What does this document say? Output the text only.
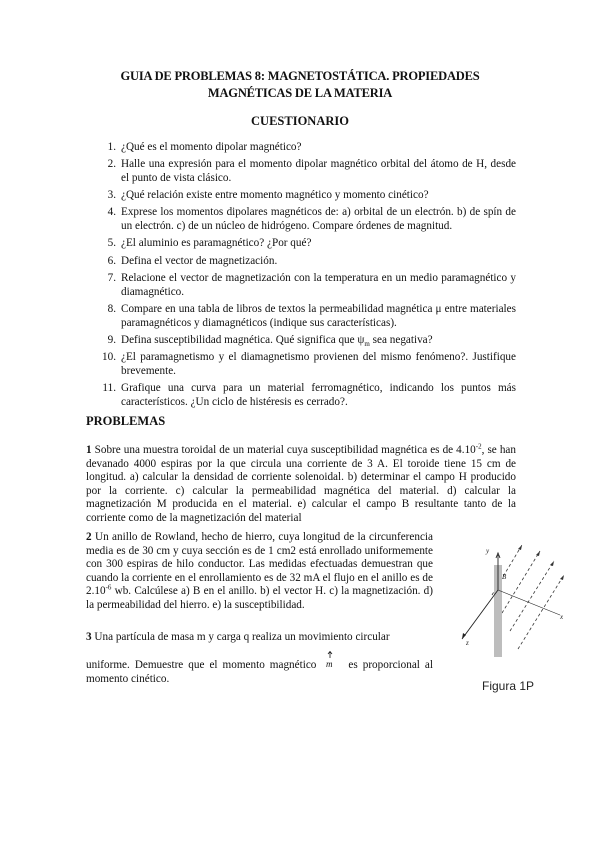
GUIA DE PROBLEMAS 8: MAGNETOSTÁTICA. PROPIEDADES
MAGNÉTICAS DE LA MATERIA
CUESTIONARIO
1. ¿Qué es el momento dipolar magnético?
2. Halle una expresión para el momento dipolar magnético orbital del átomo de H, desde el punto de vista clásico.
3. ¿Qué relación existe entre momento magnético y momento cinético?
4. Exprese los momentos dipolares magnéticos de: a) orbital de un electrón. b) de spín de un electrón. c) de un núcleo de hidrógeno. Compare órdenes de magnitud.
5. ¿El aluminio es paramagnético? ¿Por qué?
6. Defina el vector de magnetización.
7. Relacione el vector de magnetización con la temperatura en un medio paramagnético y diamagnético.
8. Compare en una tabla de libros de textos la permeabilidad magnética μ entre materiales paramagnéticos y diamagnéticos (indique sus características).
9. Defina susceptibilidad magnética. Qué significa que $\psi_m$ sea negativa?
10. ¿El paramagnetismo y el diamagnetismo provienen del mismo fenómeno?. Justifique brevemente.
11. Grafique una curva para un material ferromagnético, indicando los puntos más característicos. ¿Un ciclo de histéresis es cerrado?.
PROBLEMAS

1 Sobre una muestra toroidal de un material cuya susceptibilidad magnética es de $4.10^{-2}$, se han devanado 4000 espiras por la que circula una corriente de 3 A. El toroide tiene 15 cm de longitud. a) calcular la densidad de corriente solenoidal. b) determinar el campo H producido por la corriente. c) calcular la permeabilidad magnética del material. d) calcular la magnetización M producida en el material. e) calcular el campo B resultante tanto de la corriente como de la magnetización del material

2 Un anillo de Rowland, hecho de hierro, cuya longitud de la circunferencia media es de 30 cm y cuya sección es de 1 cm2 está enrollado uniformemente con 300 espiras de hilo conductor. Las medidas efectuadas demuestran que cuando la corriente en el enrollamiento es de 32 mA el flujo en el anillo es de $2.10^{-6}$ wb. Calcúlese a) B en el anillo. b) el vector H. c) la magnetización. d) la permeabilidad del hierro. e) la susceptibilidad.

3 Una partícula de masa m y carga q realiza un movimiento circular

uniforme. Demuestre que el momento magnético m es proporcional al momento cinético.

y
B
x
z
Figura 1P
